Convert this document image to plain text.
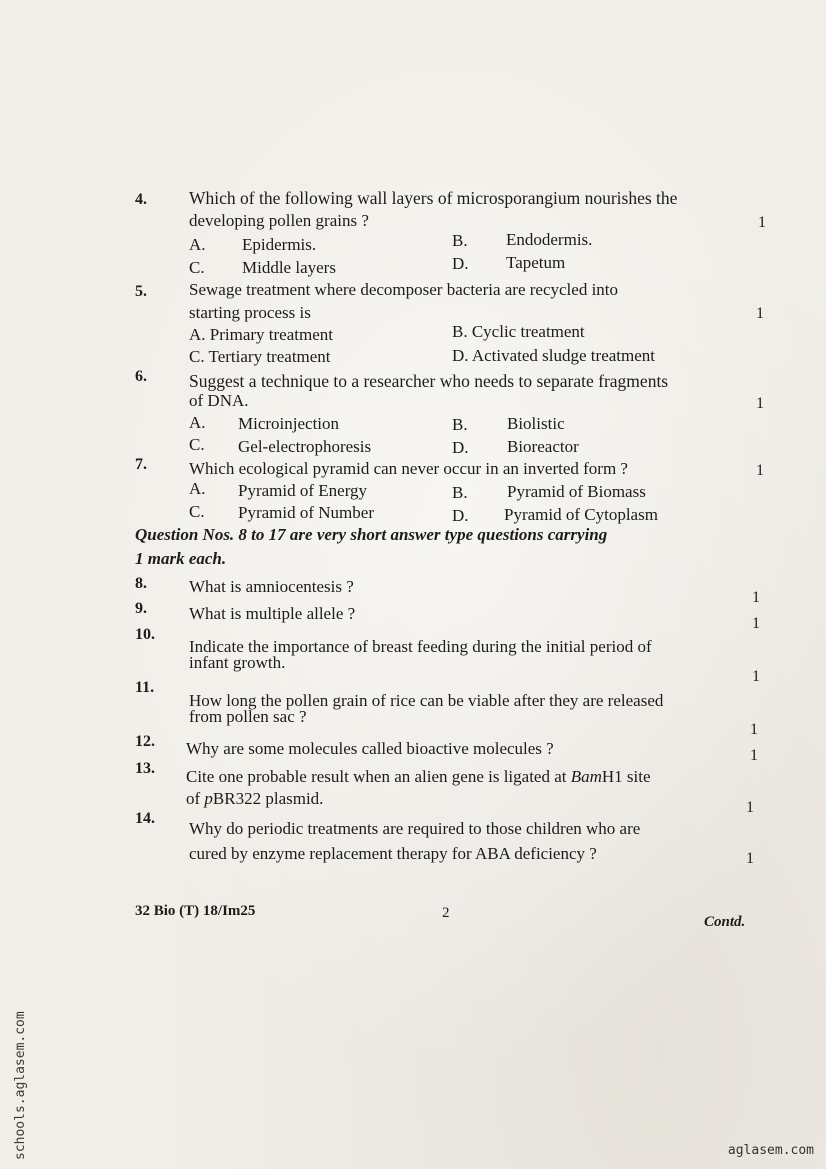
4. Which of the following wall layers of microsporangium nourishes the
developing pollen grains ?	1
A. Epidermis.	B. Endodermis.
C. Middle layers	D. Tapetum
5. Sewage treatment where decomposer bacteria are recycled into
starting process is	1
A. Primary treatment	B. Cyclic treatment
C. Tertiary treatment	D. Activated sludge treatment
6. Suggest a technique to a researcher who needs to separate fragments
of DNA.	1
A. Microinjection	B. Biolistic
C. Gel-electrophoresis	D. Bioreactor
7. Which ecological pyramid can never occur in an inverted form ?	1
A. Pyramid of Energy	B. Pyramid of Biomass
C. Pyramid of Number	D. Pyramid of Cytoplasm
Question Nos. 8 to 17 are very short answer type questions carrying
1 mark each.
8. What is amniocentesis ?
1
9. What is multiple allele ?
1
10.
Indicate the importance of breast feeding during the initial period of
infant growth.
1
11.
How long the pollen grain of rice can be viable after they are released
from pollen sac ?
1
12. Why are some molecules called bioactive molecules ?	1
13. Cite one probable result when an alien gene is ligated at BamH1 site
of pBR322 plasmid.	1
14.
Why do periodic treatments are required to those children who are
cured by enzyme replacement therapy for ABA deficiency ?	1
32 Bio (T) 18/Im25	2
Contd.
schools.aglasem.com	aglasem.com
